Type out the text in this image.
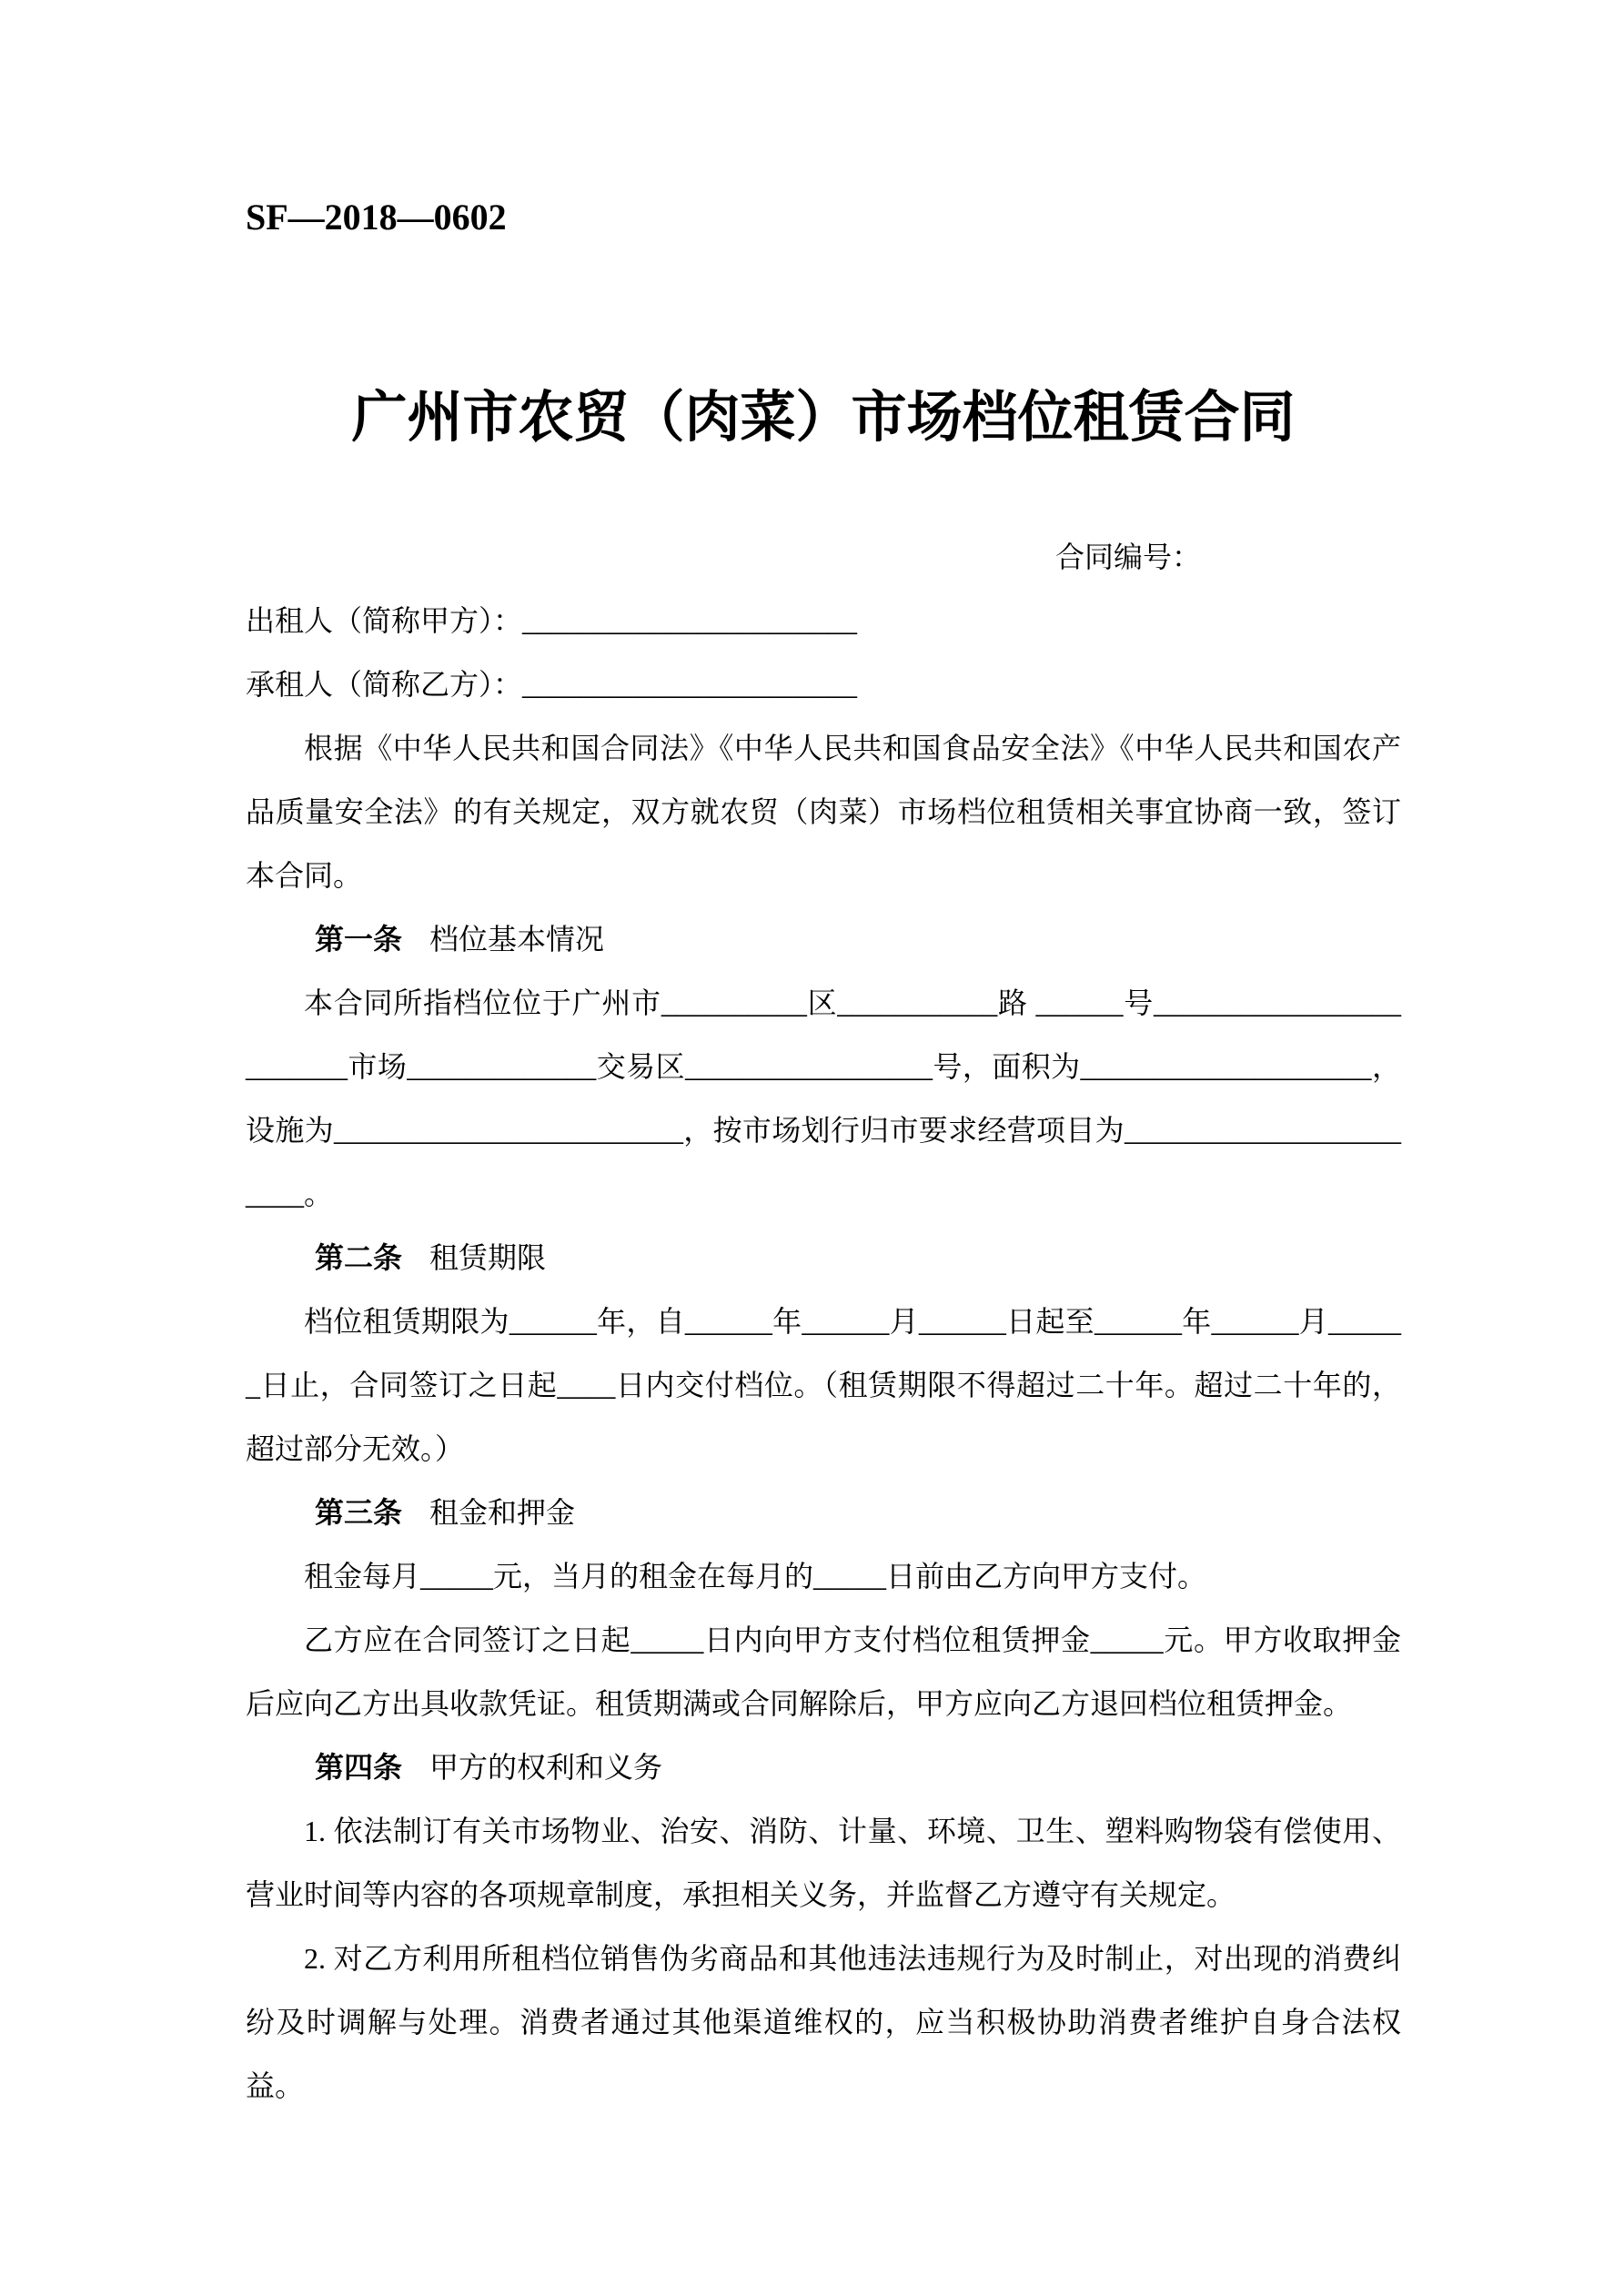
SF—2018—0602

广州市农贸（肉菜）市场档位租赁合同

合同编号：

出租人（简称甲方）：_______________________

承租人（简称乙方）：_______________________

根据《中华人民共和国合同法》《中华人民共和国食品安全法》《中华人民共和国农产品质量安全法》的有关规定，双方就农贸（肉菜）市场档位租赁相关事宜协商一致，签订本合同。

第一条 档位基本情况

本合同所指档位位于广州市__________区___________路 ______号________________________市场_____________交易区_________________号，面积为____________________，设施为________________________，按市场划行归市要求经营项目为_______________________。

第二条 租赁期限

档位租赁期限为______年，自______年______月______日起至______年______月______日止，合同签订之日起____日内交付档位。（租赁期限不得超过二十年。超过二十年的，超过部分无效。）

第三条 租金和押金

租金每月_____元，当月的租金在每月的_____日前由乙方向甲方支付。

乙方应在合同签订之日起_____日内向甲方支付档位租赁押金_____元。甲方收取押金后应向乙方出具收款凭证。租赁期满或合同解除后，甲方应向乙方退回档位租赁押金。

第四条 甲方的权利和义务

1. 依法制订有关市场物业、治安、消防、计量、环境、卫生、塑料购物袋有偿使用、营业时间等内容的各项规章制度，承担相关义务，并监督乙方遵守有关规定。

2. 对乙方利用所租档位销售伪劣商品和其他违法违规行为及时制止，对出现的消费纠纷及时调解与处理。消费者通过其他渠道维权的，应当积极协助消费者维护自身合法权益。
